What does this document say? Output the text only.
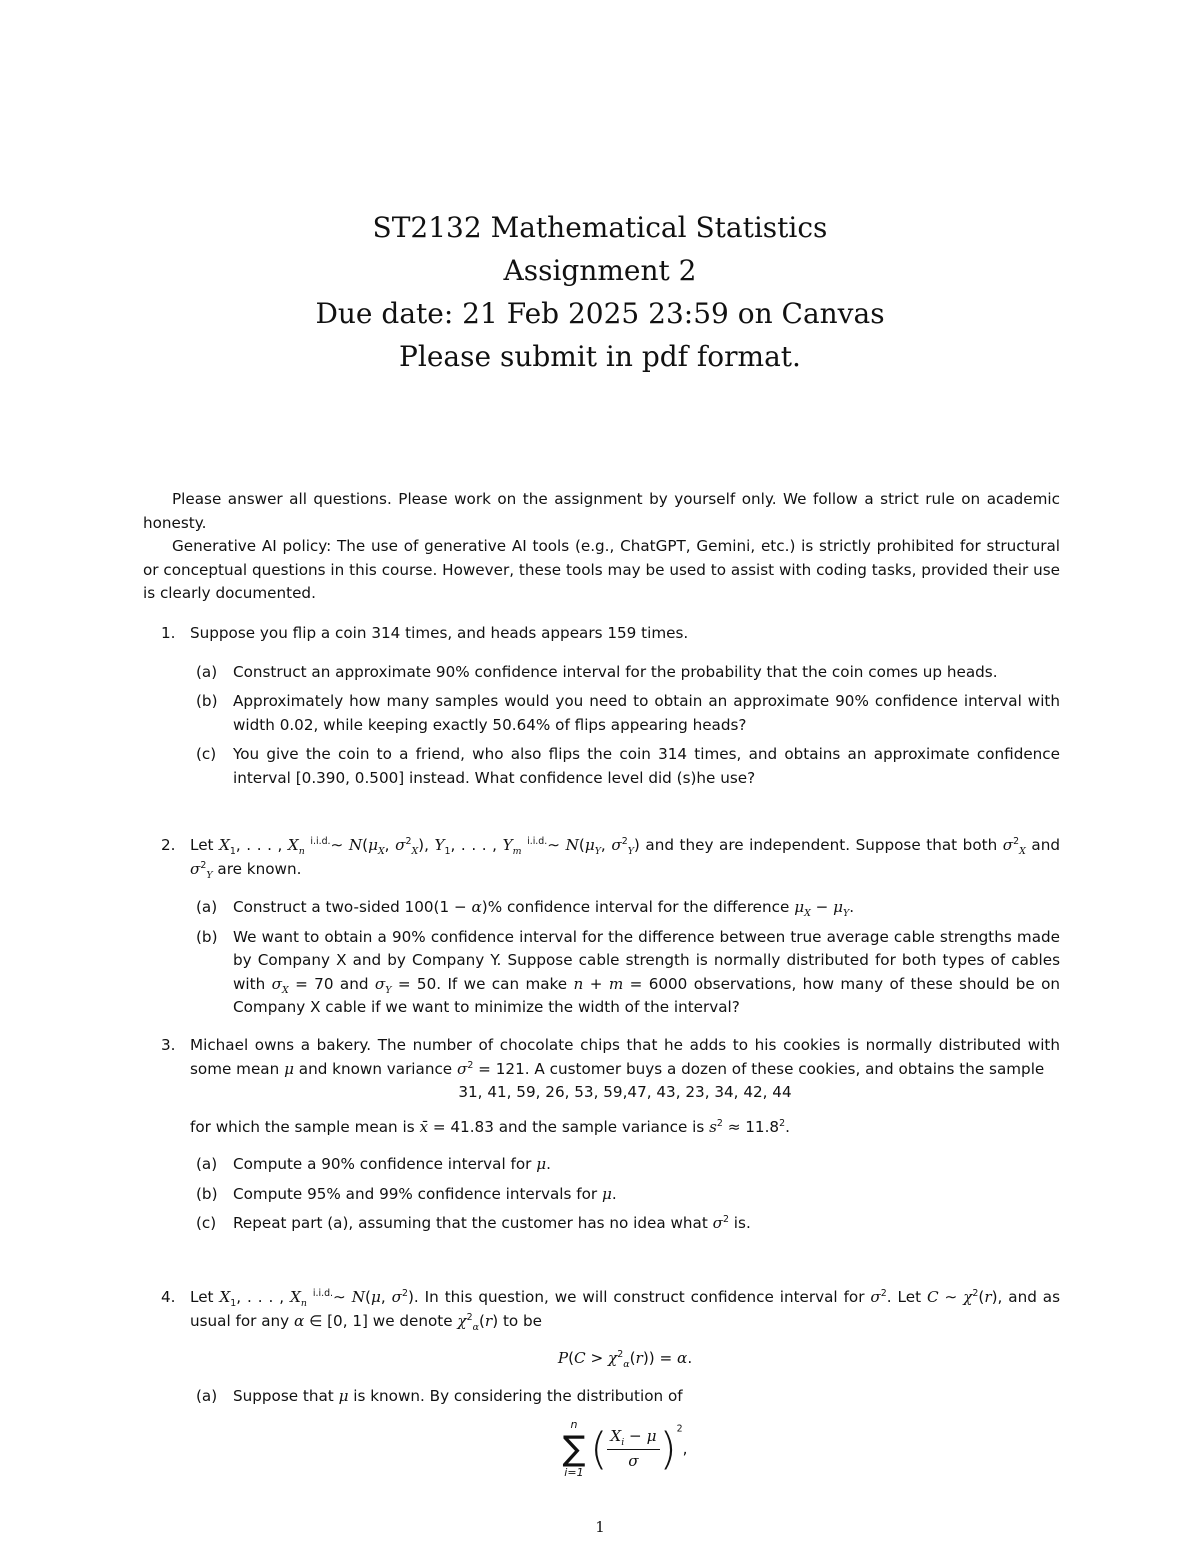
ST2132 Mathematical Statistics
Assignment 2
Due date: 21 Feb 2025 23:59 on Canvas
Please submit in pdf format.

Please answer all questions. Please work on the assignment by yourself only. We follow a strict rule on academic honesty.

Generative AI policy: The use of generative AI tools (e.g., ChatGPT, Gemini, etc.) is strictly prohibited for structural or conceptual questions in this course. However, these tools may be used to assist with coding tasks, provided their use is clearly documented.

1. Suppose you flip a coin 314 times, and heads appears 159 times.
(a) Construct an approximate 90% confidence interval for the probability that the coin comes up heads.
(b) Approximately how many samples would you need to obtain an approximate 90% confidence interval with width 0.02, while keeping exactly 50.64% of flips appearing heads?
(c) You give the coin to a friend, who also flips the coin 314 times, and obtains an approximate confidence interval [0.390, 0.500] instead. What confidence level did (s)he use?
2. Let $X_1$, . . . , $X_n$ $^{i.i.d.}$∼ $N(\mu_X$, $\sigma^2_X$), $Y_1$, . . . , $Y_m$ $^{i.i.d.}$∼ $N(\mu_Y$, $\sigma^2_Y$) and they are independent. Suppose that both $\sigma^2_X$ and $\sigma^2_Y$ are known.
(a) Construct a two-sided 100(1 − α)% confidence interval for the difference $\mu_X - \mu_Y$.
(b) We want to obtain a 90% confidence interval for the difference between true average cable strengths made by Company X and by Company Y. Suppose cable strength is normally distributed for both types of cables with $\sigma_X = 70$ and $\sigma_Y = 50$. If we can make n + m = 6000 observations, how many of these should be on Company X cable if we want to minimize the width of the interval?
3. Michael owns a bakery. The number of chocolate chips that he adds to his cookies is normally distributed with some mean μ and known variance $\sigma^2 = 121$. A customer buys a dozen of these cookies, and obtains the sample
31, 41, 59, 26, 53, 59,47, 43, 23, 34, 42, 44
for which the sample mean is x̄ = 41.83 and the sample variance is $s^2 \approx 11.8^2$.
(a) Compute a 90% confidence interval for μ.
(b) Compute 95% and 99% confidence intervals for μ.
(c) Repeat part (a), assuming that the customer has no idea what $\sigma^2$ is.
4. Let $X_1$, . . . , $X_n$ $^{i.i.d.}$∼ N(μ, $\sigma^2$). In this question, we will construct confidence interval for $\sigma^2$. Let C ∼ $\chi^2(r)$, and as usual for any α ∈ [0, 1] we denote $\chi^2_\alpha(r)$ to be
$P(C > \chi^2_\alpha(r)) = \alpha$.
(a) Suppose that μ is known. By considering the distribution of
n
∑
i=1 ( $\frac{X_i - \mu}{\sigma} )^2$,
1
